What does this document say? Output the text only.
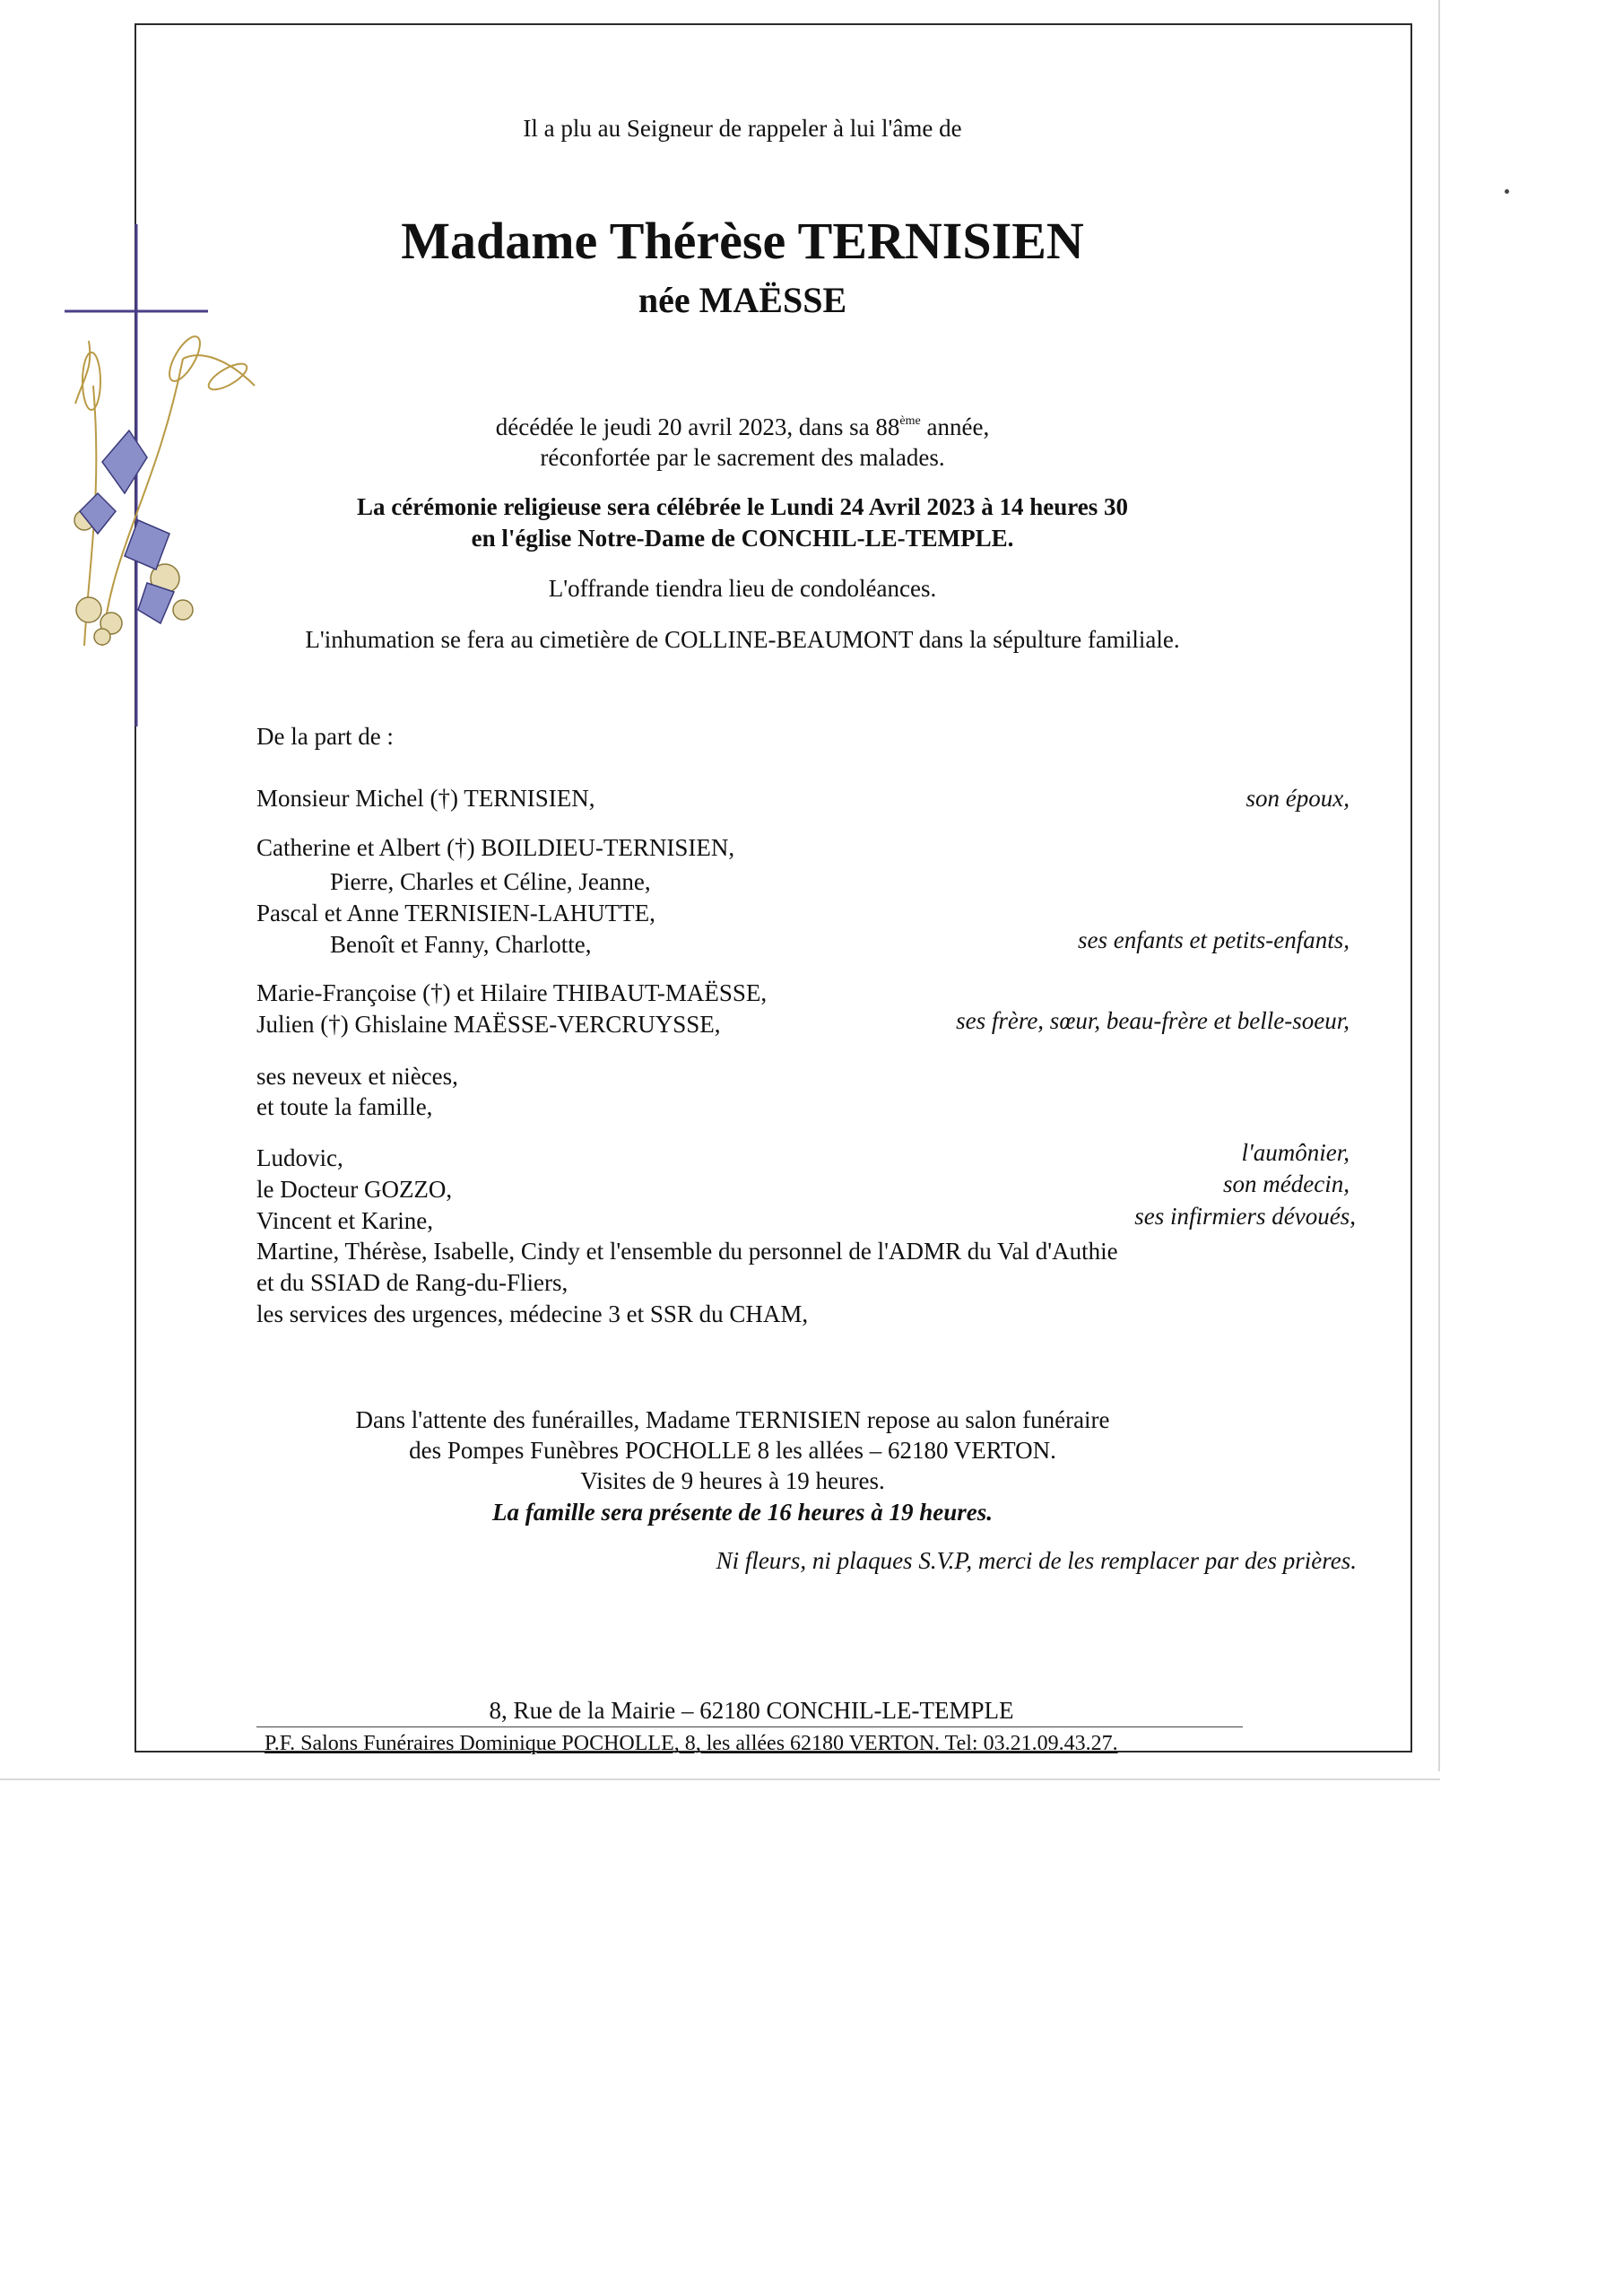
Il a plu au Seigneur de rappeler à lui l'âme de
Madame Thérèse TERNISIEN
née MAËSSE
décédée le jeudi 20 avril 2023, dans sa 88ème année,
réconfortée par le sacrement des malades.
La cérémonie religieuse sera célébrée le Lundi 24 Avril 2023 à 14 heures 30
en l'église Notre-Dame de CONCHIL-LE-TEMPLE.
L'offrande tiendra lieu de condoléances.
L'inhumation se fera au cimetière de COLLINE-BEAUMONT dans la sépulture familiale.
De la part de :
Monsieur Michel (†) TERNISIEN,	son époux,
Catherine et Albert (†) BOILDIEU-TERNISIEN,
Pierre, Charles et Céline, Jeanne,
Pascal et Anne TERNISIEN-LAHUTTE,
Benoît et Fanny, Charlotte,	ses enfants et petits-enfants,
Marie-Françoise (†) et Hilaire THIBAUT-MAËSSE,
Julien (†) Ghislaine MAËSSE-VERCRUYSSE,	ses frère, sœur, beau-frère et belle-soeur,
ses neveux et nièces,
et toute la famille,
Ludovic,	l'aumônier,
le Docteur GOZZO,	son médecin,
Vincent et Karine,	ses infirmiers dévoués,
Martine, Thérèse, Isabelle, Cindy et l'ensemble du personnel de l'ADMR du Val d'Authie
et du SSIAD de Rang-du-Fliers,
les services des urgences, médecine 3 et SSR du CHAM,
Dans l'attente des funérailles, Madame TERNISIEN repose au salon funéraire
des Pompes Funèbres POCHOLLE 8 les allées – 62180 VERTON.
Visites de 9 heures à 19 heures.
La famille sera présente de 16 heures à 19 heures.
Ni fleurs, ni plaques S.V.P, merci de les remplacer par des prières.
8, Rue de la Mairie – 62180 CONCHIL-LE-TEMPLE
P.F. Salons Funéraires Dominique POCHOLLE, 8, les allées 62180 VERTON. Tel: 03.21.09.43.27.
